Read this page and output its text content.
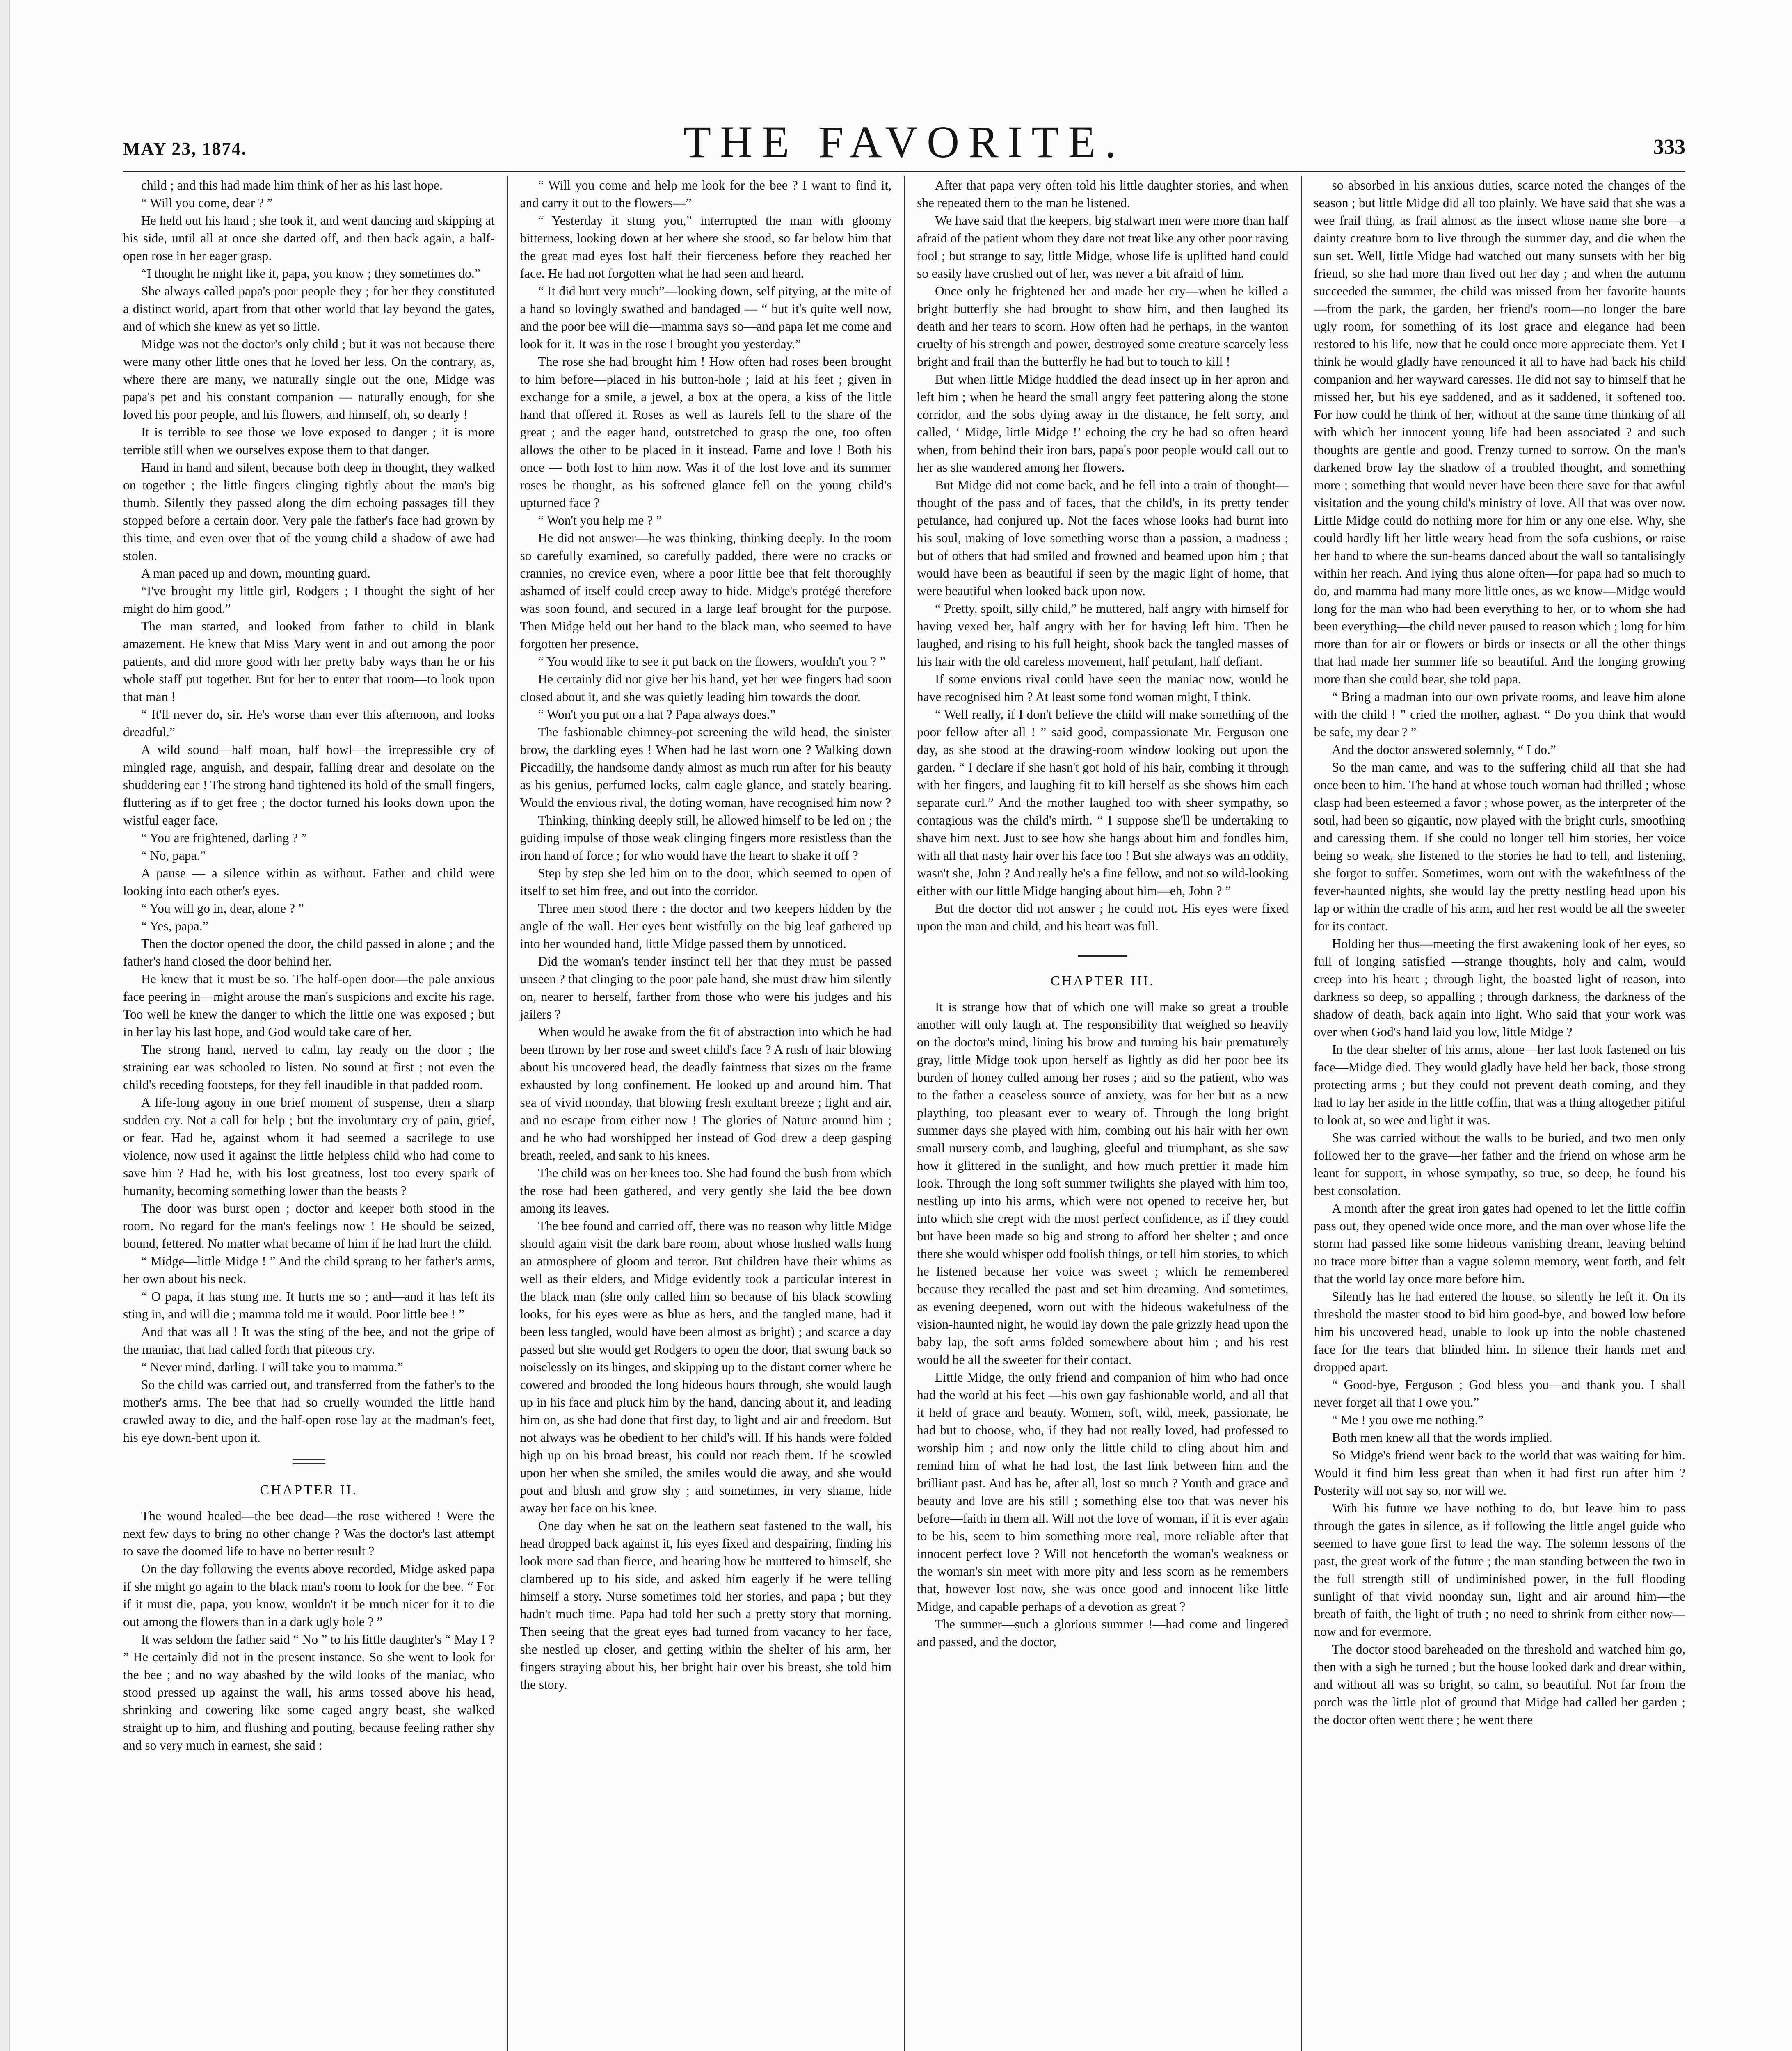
MAY 23, 1874.	THE FAVORITE.	333

child ; and this had made him think of her as his last hope.

“ Will you come, dear ? ”

He held out his hand ; she took it, and went dancing and skipping at his side, until all at once she darted off, and then back again, a half-open rose in her eager grasp.

“I thought he might like it, papa, you know ; they sometimes do.”

She always called papa's poor people they ; for her they constituted a distinct world, apart from that other world that lay beyond the gates, and of which she knew as yet so little.

Midge was not the doctor's only child ; but it was not because there were many other little ones that he loved her less. On the contrary, as, where there are many, we naturally single out the one, Midge was papa's pet and his constant companion — naturally enough, for she loved his poor people, and his flowers, and himself, oh, so dearly !

It is terrible to see those we love exposed to danger ; it is more terrible still when we ourselves expose them to that danger.

Hand in hand and silent, because both deep in thought, they walked on together ; the little fingers clinging tightly about the man's big thumb. Silently they passed along the dim echoing passages till they stopped before a certain door. Very pale the father's face had grown by this time, and even over that of the young child a shadow of awe had stolen.

A man paced up and down, mounting guard.

“I've brought my little girl, Rodgers ; I thought the sight of her might do him good.”

The man started, and looked from father to child in blank amazement. He knew that Miss Mary went in and out among the poor patients, and did more good with her pretty baby ways than he or his whole staff put together. But for her to enter that room—to look upon that man !

“ It'll never do, sir. He's worse than ever this afternoon, and looks dreadful.”

A wild sound—half moan, half howl—the irrepressible cry of mingled rage, anguish, and despair, falling drear and desolate on the shuddering ear ! The strong hand tightened its hold of the small fingers, fluttering as if to get free ; the doctor turned his looks down upon the wistful eager face.

“ You are frightened, darling ? ”

“ No, papa.”

A pause — a silence within as without. Father and child were looking into each other's eyes.

“ You will go in, dear, alone ? ”

“ Yes, papa.”

Then the doctor opened the door, the child passed in alone ; and the father's hand closed the door behind her.

He knew that it must be so. The half-open door—the pale anxious face peering in—might arouse the man's suspicions and excite his rage. Too well he knew the danger to which the little one was exposed ; but in her lay his last hope, and God would take care of her.

The strong hand, nerved to calm, lay ready on the door ; the straining ear was schooled to listen. No sound at first ; not even the child's receding footsteps, for they fell inaudible in that padded room.

A life-long agony in one brief moment of suspense, then a sharp sudden cry. Not a call for help ; but the involuntary cry of pain, grief, or fear. Had he, against whom it had seemed a sacrilege to use violence, now used it against the little helpless child who had come to save him ? Had he, with his lost greatness, lost too every spark of humanity, becoming something lower than the beasts ?

The door was burst open ; doctor and keeper both stood in the room. No regard for the man's feelings now ! He should be seized, bound, fettered. No matter what became of him if he had hurt the child.

“ Midge—little Midge ! ” And the child sprang to her father's arms, her own about his neck.

“ O papa, it has stung me. It hurts me so ; and—and it has left its sting in, and will die ; mamma told me it would. Poor little bee ! ”

And that was all ! It was the sting of the bee, and not the gripe of the maniac, that had called forth that piteous cry.

“ Never mind, darling. I will take you to mamma.”

So the child was carried out, and transferred from the father's to the mother's arms. The bee that had so cruelly wounded the little hand crawled away to die, and the half-open rose lay at the madman's feet, his eye down-bent upon it.

CHAPTER II.

The wound healed—the bee dead—the rose withered ! Were the next few days to bring no other change ? Was the doctor's last attempt to save the doomed life to have no better result ?

On the day following the events above recorded, Midge asked papa if she might go again to the black man's room to look for the bee. “ For if it must die, papa, you know, wouldn't it be much nicer for it to die out among the flowers than in a dark ugly hole ? ”

It was seldom the father said “ No ” to his little daughter's “ May I ? ” He certainly did not in the present instance. So she went to look for the bee ; and no way abashed by the wild looks of the maniac, who stood pressed up against the wall, his arms tossed above his head, shrinking and cowering like some caged angry beast, she walked straight up to him, and flushing and pouting, because feeling rather shy and so very much in earnest, she said :

“ Will you come and help me look for the bee ? I want to find it, and carry it out to the flowers—”

“ Yesterday it stung you,” interrupted the man with gloomy bitterness, looking down at her where she stood, so far below him that the great mad eyes lost half their fierceness before they reached her face. He had not forgotten what he had seen and heard.

“ It did hurt very much”—looking down, self pitying, at the mite of a hand so lovingly swathed and bandaged — “ but it's quite well now, and the poor bee will die—mamma says so—and papa let me come and look for it. It was in the rose I brought you yesterday.”

The rose she had brought him ! How often had roses been brought to him before—placed in his button-hole ; laid at his feet ; given in exchange for a smile, a jewel, a box at the opera, a kiss of the little hand that offered it. Roses as well as laurels fell to the share of the great ; and the eager hand, outstretched to grasp the one, too often allows the other to be placed in it instead. Fame and love ! Both his once — both lost to him now. Was it of the lost love and its summer roses he thought, as his softened glance fell on the young child's upturned face ?

“ Won't you help me ? ”

He did not answer—he was thinking, thinking deeply. In the room so carefully examined, so carefully padded, there were no cracks or crannies, no crevice even, where a poor little bee that felt thoroughly ashamed of itself could creep away to hide. Midge's protégé therefore was soon found, and secured in a large leaf brought for the purpose. Then Midge held out her hand to the black man, who seemed to have forgotten her presence.

“ You would like to see it put back on the flowers, wouldn't you ? ”

He certainly did not give her his hand, yet her wee fingers had soon closed about it, and she was quietly leading him towards the door.

“ Won't you put on a hat ? Papa always does.”

The fashionable chimney-pot screening the wild head, the sinister brow, the darkling eyes ! When had he last worn one ? Walking down Piccadilly, the handsome dandy almost as much run after for his beauty as his genius, perfumed locks, calm eagle glance, and stately bearing. Would the envious rival, the doting woman, have recognised him now ?

Thinking, thinking deeply still, he allowed himself to be led on ; the guiding impulse of those weak clinging fingers more resistless than the iron hand of force ; for who would have the heart to shake it off ?

Step by step she led him on to the door, which seemed to open of itself to set him free, and out into the corridor.

Three men stood there : the doctor and two keepers hidden by the angle of the wall. Her eyes bent wistfully on the big leaf gathered up into her wounded hand, little Midge passed them by unnoticed.

Did the woman's tender instinct tell her that they must be passed unseen ? that clinging to the poor pale hand, she must draw him silently on, nearer to herself, farther from those who were his judges and his jailers ?

When would he awake from the fit of abstraction into which he had been thrown by her rose and sweet child's face ? A rush of hair blowing about his uncovered head, the deadly faintness that sizes on the frame exhausted by long confinement. He looked up and around him. That sea of vivid noonday, that blowing fresh exultant breeze ; light and air, and no escape from either now ! The glories of Nature around him ; and he who had worshipped her instead of God drew a deep gasping breath, reeled, and sank to his knees.

The child was on her knees too. She had found the bush from which the rose had been gathered, and very gently she laid the bee down among its leaves.

The bee found and carried off, there was no reason why little Midge should again visit the dark bare room, about whose hushed walls hung an atmosphere of gloom and terror. But children have their whims as well as their elders, and Midge evidently took a particular interest in the black man (she only called him so because of his black scowling looks, for his eyes were as blue as hers, and the tangled mane, had it been less tangled, would have been almost as bright) ; and scarce a day passed but she would get Rodgers to open the door, that swung back so noiselessly on its hinges, and skipping up to the distant corner where he cowered and brooded the long hideous hours through, she would laugh up in his face and pluck him by the hand, dancing about it, and leading him on, as she had done that first day, to light and air and freedom. But not always was he obedient to her child's will. If his hands were folded high up on his broad breast, his could not reach them. If he scowled upon her when she smiled, the smiles would die away, and she would pout and blush and grow shy ; and sometimes, in very shame, hide away her face on his knee.

One day when he sat on the leathern seat fastened to the wall, his head dropped back against it, his eyes fixed and despairing, finding his look more sad than fierce, and hearing how he muttered to himself, she clambered up to his side, and asked him eagerly if he were telling himself a story. Nurse sometimes told her stories, and papa ; but they hadn't much time. Papa had told her such a pretty story that morning. Then seeing that the great eyes had turned from vacancy to her face, she nestled up closer, and getting within the shelter of his arm, her fingers straying about his, her bright hair over his breast, she told him the story.

After that papa very often told his little daughter stories, and when she repeated them to the man he listened.

We have said that the keepers, big stalwart men were more than half afraid of the patient whom they dare not treat like any other poor raving fool ; but strange to say, little Midge, whose life is uplifted hand could so easily have crushed out of her, was never a bit afraid of him.

Once only he frightened her and made her cry—when he killed a bright butterfly she had brought to show him, and then laughed its death and her tears to scorn. How often had he perhaps, in the wanton cruelty of his strength and power, destroyed some creature scarcely less bright and frail than the butterfly he had but to touch to kill !

But when little Midge huddled the dead insect up in her apron and left him ; when he heard the small angry feet pattering along the stone corridor, and the sobs dying away in the distance, he felt sorry, and called, ‘ Midge, little Midge !’ echoing the cry he had so often heard when, from behind their iron bars, papa's poor people would call out to her as she wandered among her flowers.

But Midge did not come back, and he fell into a train of thought—thought of the pass and of faces, that the child's, in its pretty tender petulance, had conjured up. Not the faces whose looks had burnt into his soul, making of love something worse than a passion, a madness ; but of others that had smiled and frowned and beamed upon him ; that would have been as beautiful if seen by the magic light of home, that were beautiful when looked back upon now.

“ Pretty, spoilt, silly child,” he muttered, half angry with himself for having vexed her, half angry with her for having left him. Then he laughed, and rising to his full height, shook back the tangled masses of his hair with the old careless movement, half petulant, half defiant.

If some envious rival could have seen the maniac now, would he have recognised him ? At least some fond woman might, I think.

“ Well really, if I don't believe the child will make something of the poor fellow after all ! ” said good, compassionate Mr. Ferguson one day, as she stood at the drawing-room window looking out upon the garden. “ I declare if she hasn't got hold of his hair, combing it through with her fingers, and laughing fit to kill herself as she shows him each separate curl.” And the mother laughed too with sheer sympathy, so contagious was the child's mirth. “ I suppose she'll be undertaking to shave him next. Just to see how she hangs about him and fondles him, with all that nasty hair over his face too ! But she always was an oddity, wasn't she, John ? And really he's a fine fellow, and not so wild-looking either with our little Midge hanging about him—eh, John ? ”

But the doctor did not answer ; he could not. His eyes were fixed upon the man and child, and his heart was full.

CHAPTER III.

It is strange how that of which one will make so great a trouble another will only laugh at. The responsibility that weighed so heavily on the doctor's mind, lining his brow and turning his hair prematurely gray, little Midge took upon herself as lightly as did her poor bee its burden of honey culled among her roses ; and so the patient, who was to the father a ceaseless source of anxiety, was for her but as a new plaything, too pleasant ever to weary of. Through the long bright summer days she played with him, combing out his hair with her own small nursery comb, and laughing, gleeful and triumphant, as she saw how it glittered in the sunlight, and how much prettier it made him look. Through the long soft summer twilights she played with him too, nestling up into his arms, which were not opened to receive her, but into which she crept with the most perfect confidence, as if they could but have been made so big and strong to afford her shelter ; and once there she would whisper odd foolish things, or tell him stories, to which he listened because her voice was sweet ; which he remembered because they recalled the past and set him dreaming. And sometimes, as evening deepened, worn out with the hideous wakefulness of the vision-haunted night, he would lay down the pale grizzly head upon the baby lap, the soft arms folded somewhere about him ; and his rest would be all the sweeter for their contact.

Little Midge, the only friend and companion of him who had once had the world at his feet —his own gay fashionable world, and all that it held of grace and beauty. Women, soft, wild, meek, passionate, he had but to choose, who, if they had not really loved, had professed to worship him ; and now only the little child to cling about him and remind him of what he had lost, the last link between him and the brilliant past. And has he, after all, lost so much ? Youth and grace and beauty and love are his still ; something else too that was never his before—faith in them all. Will not the love of woman, if it is ever again to be his, seem to him something more real, more reliable after that innocent perfect love ? Will not henceforth the woman's weakness or the woman's sin meet with more pity and less scorn as he remembers that, however lost now, she was once good and innocent like little Midge, and capable perhaps of a devotion as great ?

The summer—such a glorious summer !—had come and lingered and passed, and the doctor,

so absorbed in his anxious duties, scarce noted the changes of the season ; but little Midge did all too plainly. We have said that she was a wee frail thing, as frail almost as the insect whose name she bore—a dainty creature born to live through the summer day, and die when the sun set. Well, little Midge had watched out many sunsets with her big friend, so she had more than lived out her day ; and when the autumn succeeded the summer, the child was missed from her favorite haunts—from the park, the garden, her friend's room—no longer the bare ugly room, for something of its lost grace and elegance had been restored to his life, now that he could once more appreciate them. Yet I think he would gladly have renounced it all to have had back his child companion and her wayward caresses. He did not say to himself that he missed her, but his eye saddened, and as it saddened, it softened too. For how could he think of her, without at the same time thinking of all with which her innocent young life had been associated ? and such thoughts are gentle and good. Frenzy turned to sorrow. On the man's darkened brow lay the shadow of a troubled thought, and something more ; something that would never have been there save for that awful visitation and the young child's ministry of love. All that was over now. Little Midge could do nothing more for him or any one else. Why, she could hardly lift her little weary head from the sofa cushions, or raise her hand to where the sun-beams danced about the wall so tantalisingly within her reach. And lying thus alone often—for papa had so much to do, and mamma had many more little ones, as we know—Midge would long for the man who had been everything to her, or to whom she had been everything—the child never paused to reason which ; long for him more than for air or flowers or birds or insects or all the other things that had made her summer life so beautiful. And the longing growing more than she could bear, she told papa.

“ Bring a madman into our own private rooms, and leave him alone with the child ! ” cried the mother, aghast. “ Do you think that would be safe, my dear ? ”

And the doctor answered solemnly, “ I do.”

So the man came, and was to the suffering child all that she had once been to him. The hand at whose touch woman had thrilled ; whose clasp had been esteemed a favor ; whose power, as the interpreter of the soul, had been so gigantic, now played with the bright curls, smoothing and caressing them. If she could no longer tell him stories, her voice being so weak, she listened to the stories he had to tell, and listening, she forgot to suffer. Sometimes, worn out with the wakefulness of the fever-haunted nights, she would lay the pretty nestling head upon his lap or within the cradle of his arm, and her rest would be all the sweeter for its contact.

Holding her thus—meeting the first awakening look of her eyes, so full of longing satisfied —strange thoughts, holy and calm, would creep into his heart ; through light, the boasted light of reason, into darkness so deep, so appalling ; through darkness, the darkness of the shadow of death, back again into light. Who said that your work was over when God's hand laid you low, little Midge ?

In the dear shelter of his arms, alone—her last look fastened on his face—Midge died. They would gladly have held her back, those strong protecting arms ; but they could not prevent death coming, and they had to lay her aside in the little coffin, that was a thing altogether pitiful to look at, so wee and light it was.

She was carried without the walls to be buried, and two men only followed her to the grave—her father and the friend on whose arm he leant for support, in whose sympathy, so true, so deep, he found his best consolation.

A month after the great iron gates had opened to let the little coffin pass out, they opened wide once more, and the man over whose life the storm had passed like some hideous vanishing dream, leaving behind no trace more bitter than a vague solemn memory, went forth, and felt that the world lay once more before him.

Silently has he had entered the house, so silently he left it. On its threshold the master stood to bid him good-bye, and bowed low before him his uncovered head, unable to look up into the noble chastened face for the tears that blinded him. In silence their hands met and dropped apart.

“ Good-bye, Ferguson ; God bless you—and thank you. I shall never forget all that I owe you.”

“ Me ! you owe me nothing.”

Both men knew all that the words implied.

So Midge's friend went back to the world that was waiting for him. Would it find him less great than when it had first run after him ? Posterity will not say so, nor will we.

With his future we have nothing to do, but leave him to pass through the gates in silence, as if following the little angel guide who seemed to have gone first to lead the way. The solemn lessons of the past, the great work of the future ; the man standing between the two in the full strength still of undiminished power, in the full flooding sunlight of that vivid noonday sun, light and air around him—the breath of faith, the light of truth ; no need to shrink from either now—now and for evermore.

The doctor stood bareheaded on the threshold and watched him go, then with a sigh he turned ; but the house looked dark and drear within, and without all was so bright, so calm, so beautiful. Not far from the porch was the little plot of ground that Midge had called her garden ; the doctor often went there ; he went there
